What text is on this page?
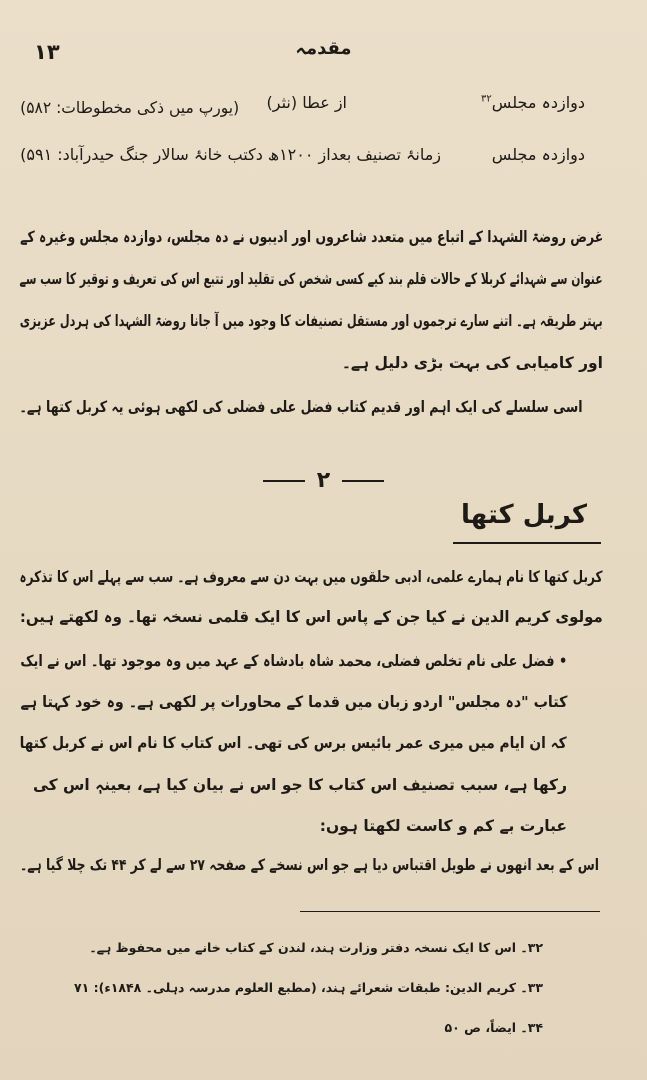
١٣	مقدمہ
دوازدہ مجلس$^{۳۲}$
از عطا (نثر)
(یورپ میں ذکی مخطوطات: ۵۸۲)
دوازدہ مجلس
زمانۂ تصنیف بعداز ۱۲۰۰ھ دکتب خانۂ سالار جنگ حیدرآباد: ۵۹۱)
غرض روضۃ الشہدا کے اتباع میں متعدد شاعروں اور ادیبوں نے دہ مجلس، دوازدہ مجلس وغیرہ کے
عنوان سے شہدائے کربلا کے حالات قلم بند کیے کسی شخص کی تقلید اور تتبع اس کی تعریف و توقیر کا سب سے
بہتر طریقہ ہے۔ اتنے سارے ترجموں اور مستقل تصنیفات کا وجود میں آ جانا روضۃ الشہدا کی ہردل عزیزی
اور کامیابی کی بہت بڑی دلیل ہے۔
اسی سلسلے کی ایک اہم اور قدیم کتاب فضل علی فضلی کی لکھی ہوئی یہ کربل کتھا ہے۔
۲
کربل کتھا
کربل کتھا کا نام ہمارے علمی، ادبی حلقوں میں بہت دن سے معروف ہے۔ سب سے پہلے اس کا تذکرہ
مولوی کریم الدین نے کیا جن کے پاس اس کا ایک قلمی نسخہ تھا۔ وہ لکھتے ہیں:
• فضل علی نام تخلص فضلی، محمد شاہ بادشاہ کے عہد میں وہ موجود تھا۔ اس نے ایک
کتاب "دہ مجلس" اردو زبان میں قدما کے محاورات پر لکھی ہے۔ وہ خود کہتا ہے
کہ ان ایام میں میری عمر بائیس برس کی تھی۔ اس کتاب کا نام اس نے کربل کتھا
رکھا ہے، سبب تصنیف اس کتاب کا جو اس نے بیان کیا ہے، بعینہٖ اس کی
عبارت بے کم و کاست لکھتا ہوں:
اس کے بعد انھوں نے طویل اقتباس دیا ہے جو اس نسخے کے صفحہ ۲۷ سے لے کر ۴۴ تک چلا گیا ہے۔
۳۲۔ اس کا ایک نسخہ دفتر وزارت ہند، لندن کے کتاب خانے میں محفوظ ہے۔
۳۳۔ کریم الدین: طبقات شعرائے ہند، (مطبع العلوم مدرسہ دہلی۔ ۱۸۴۸ء): ۷۱
۳۴۔ ایضاً، ص ۵۰
